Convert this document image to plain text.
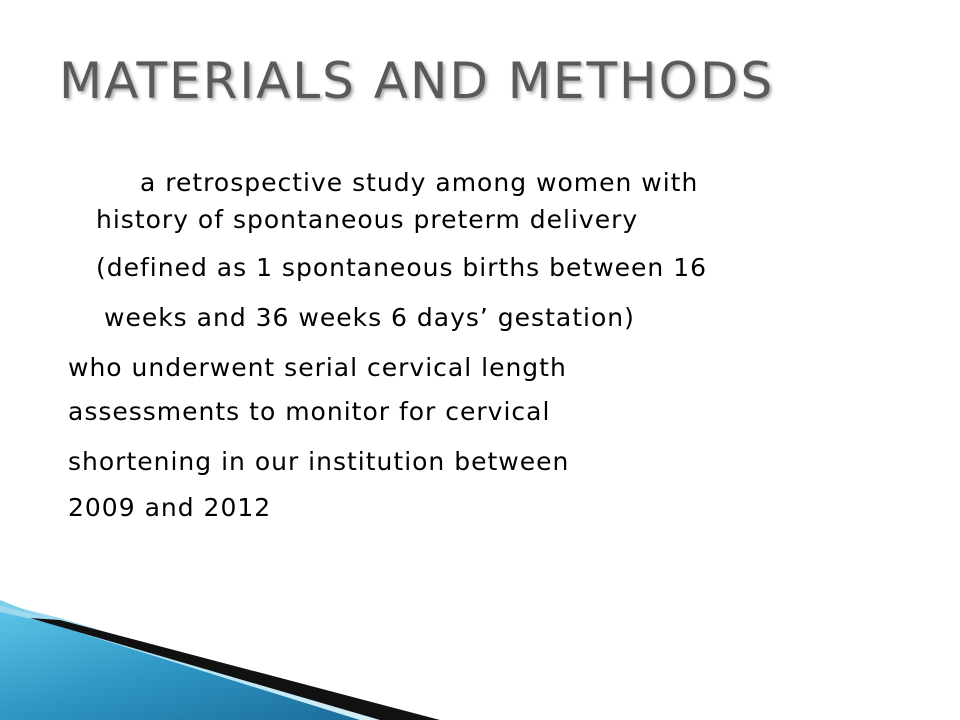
MATERIALS AND METHODS
a retrospective study among women with
history of spontaneous preterm delivery
(defined as 1 spontaneous births between 16
weeks and 36 weeks 6 days’ gestation)
who underwent serial cervical length
assessments to monitor for cervical
shortening in our institution between
2009 and 2012
